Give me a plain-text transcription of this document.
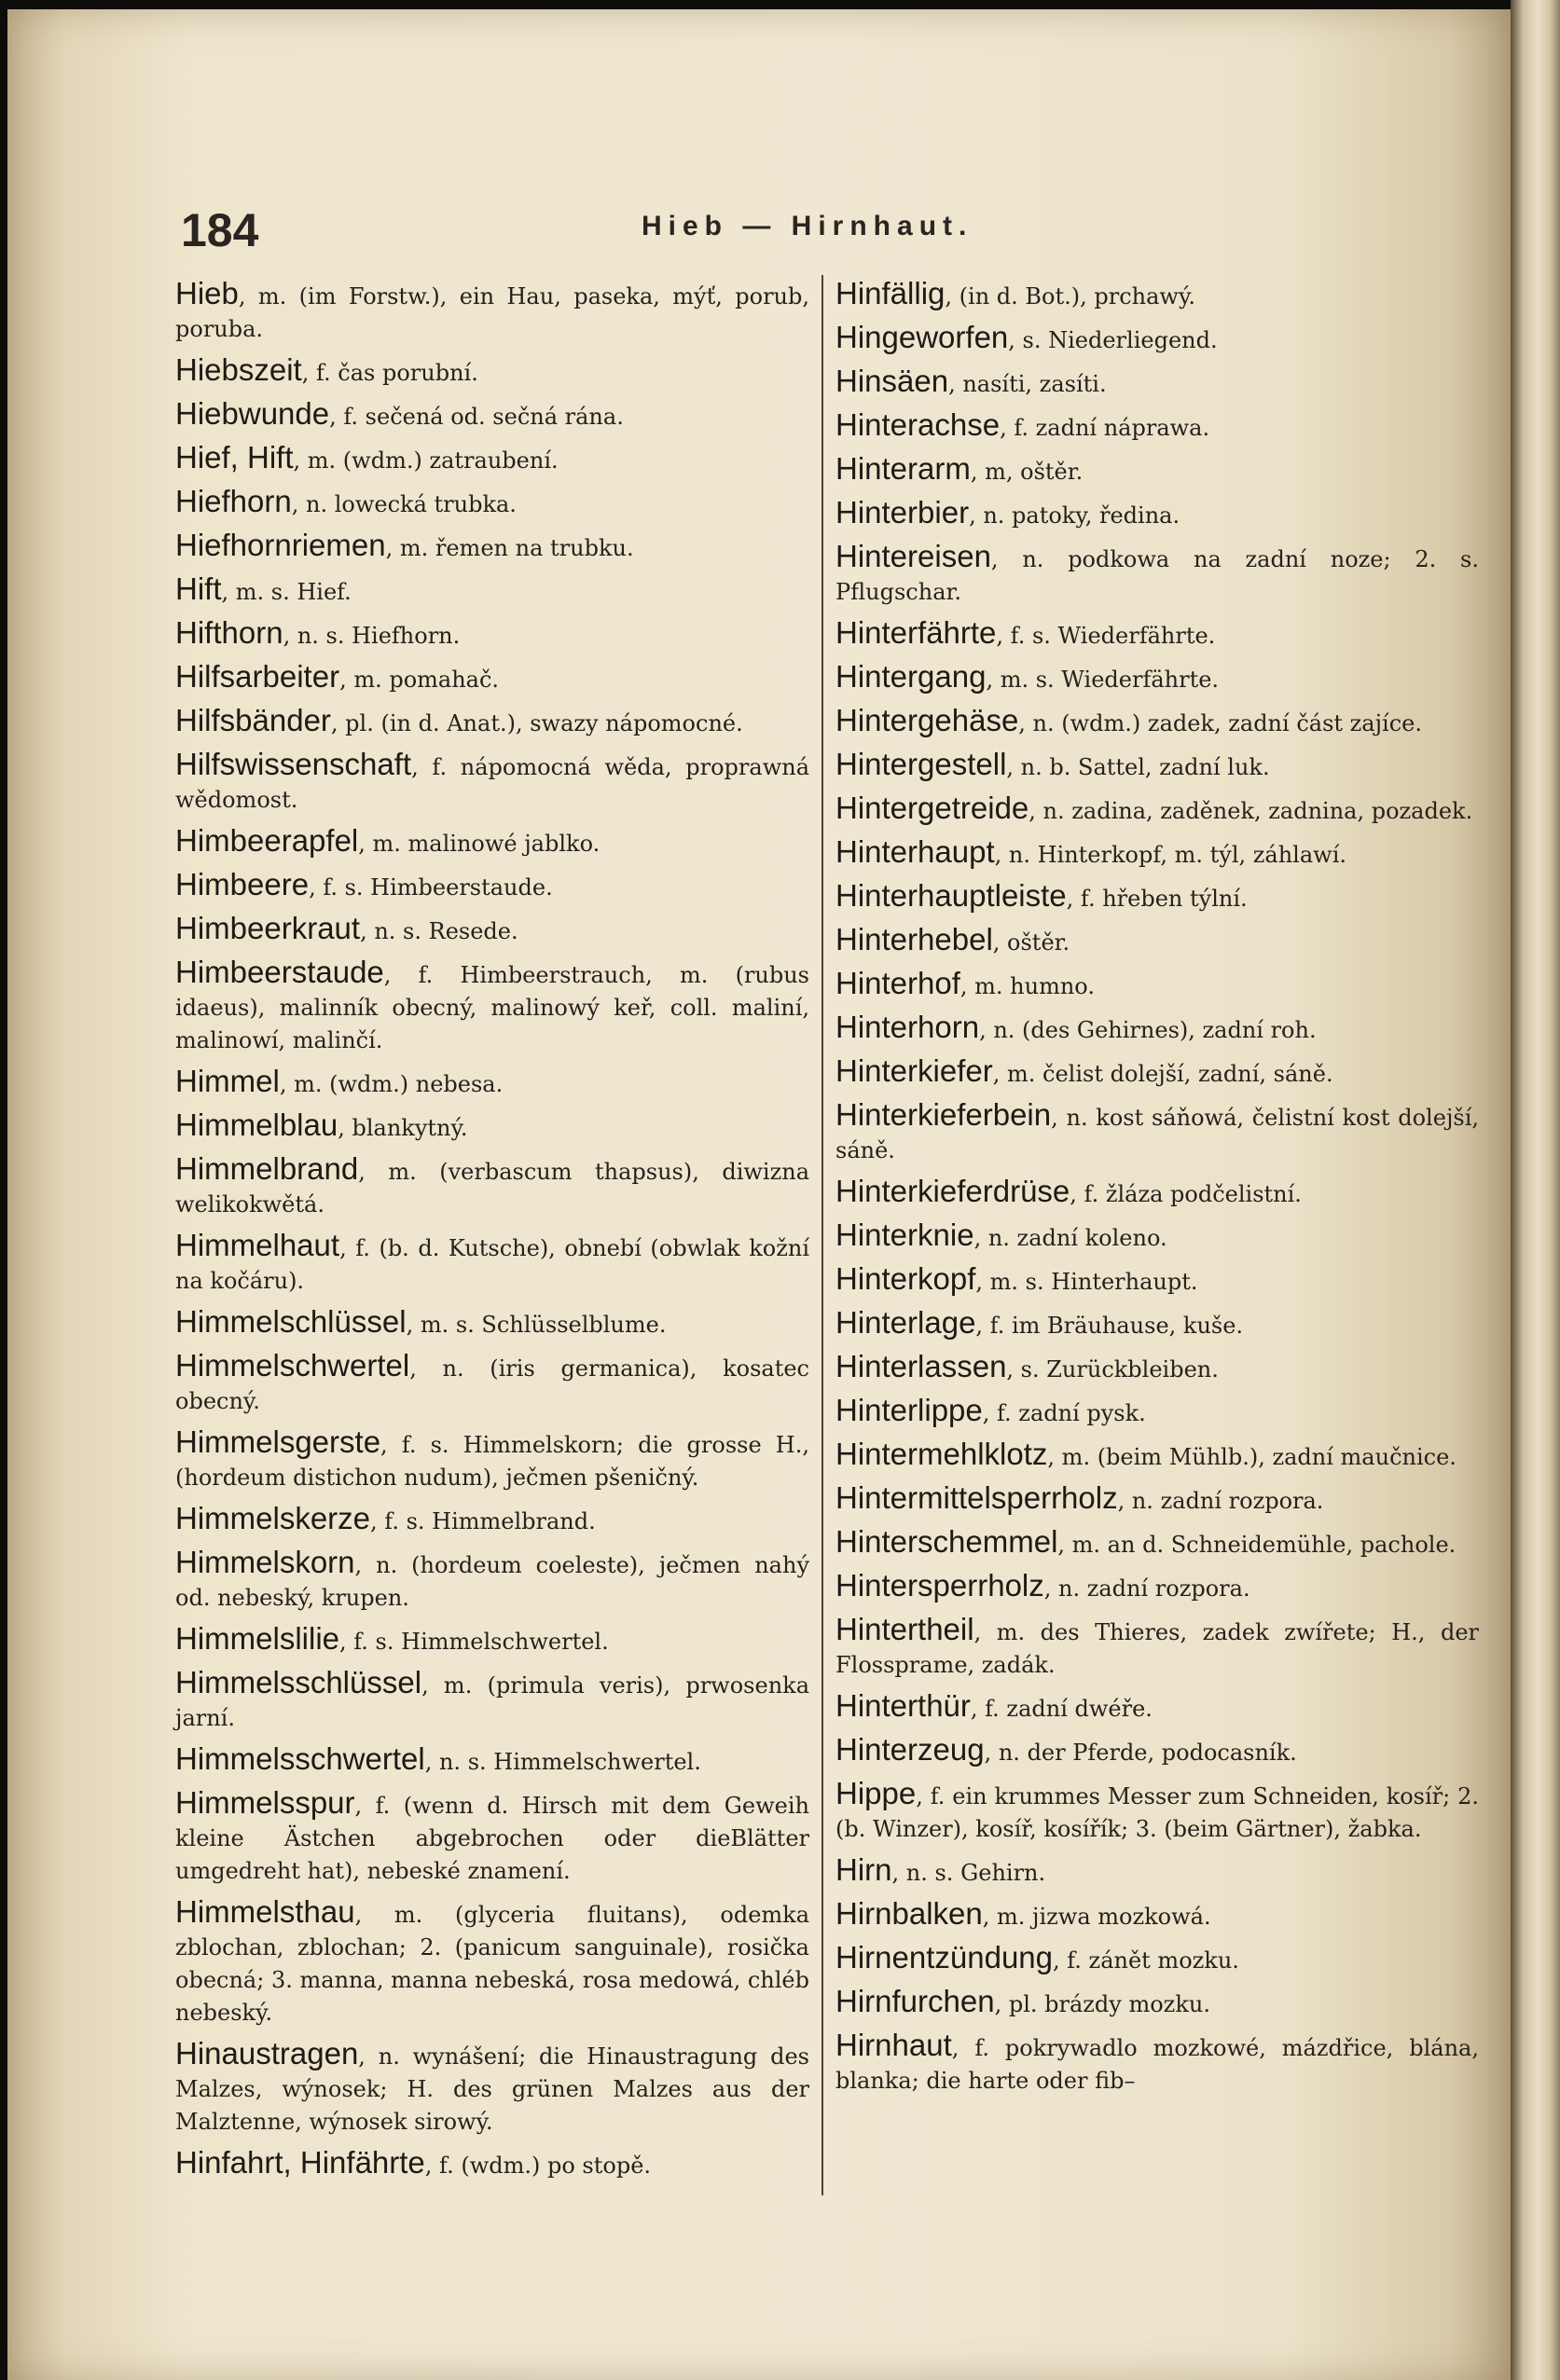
184	Hieb — Hirnhaut.
Hieb, m. (im Forstw.), ein Hau, paseka, mýť, porub, poruba.
Hiebszeit, f. čas porubní.
Hiebwunde, f. sečená od. sečná rána.
Hief, Hift, m. (wdm.) zatraubení.
Hiefhorn, n. lowecká trubka.
Hiefhornriemen, m. řemen na trubku.
Hift, m. s. Hief.
Hifthorn, n. s. Hiefhorn.
Hilfsarbeiter, m. pomahač.
Hilfsbänder, pl. (in d. Anat.), swazy nápomocné.
Hilfswissenschaft, f. nápomocná wěda, proprawná wědomost.
Himbeerapfel, m. malinowé jablko.
Himbeere, f. s. Himbeerstaude.
Himbeerkraut, n. s. Resede.
Himbeerstaude, f. Himbeerstrauch, m. (rubus idaeus), malinník obecný, malinowý keř, coll. maliní, malinowí, malinčí.
Himmel, m. (wdm.) nebesa.
Himmelblau, blankytný.
Himmelbrand, m. (verbascum thapsus), diwizna welikokwětá.
Himmelhaut, f. (b. d. Kutsche), obnebí (obwlak kožní na kočáru).
Himmelschlüssel, m. s. Schlüsselblume.
Himmelschwertel, n. (iris germanica), kosatec obecný.
Himmelsgerste, f. s. Himmelskorn; die grosse H., (hordeum distichon nudum), ječmen pšeničný.
Himmelskerze, f. s. Himmelbrand.
Himmelskorn, n. (hordeum coeleste), ječmen nahý od. nebeský, krupen.
Himmelslilie, f. s. Himmelschwertel.
Himmelsschlüssel, m. (primula veris), prwosenka jarní.
Himmelsschwertel, n. s. Himmelschwertel.
Himmelsspur, f. (wenn d. Hirsch mit dem Geweih kleine Ästchen abgebrochen oder dieBlätter umgedreht hat), nebeské znamení.
Himmelsthau, m. (glyceria fluitans), odemka zblochan, zblochan; 2. (panicum sanguinale), rosička obecná; 3. manna, manna nebeská, rosa medowá, chléb nebeský.
Hinaustragen, n. wynášení; die Hinaustragung des Malzes, wýnosek; H. des grünen Malzes aus der Malztenne, wýnosek sirowý.
Hinfahrt, Hinfährte, f. (wdm.) po stopě.
Hinfällig, (in d. Bot.), prchawý.
Hingeworfen, s. Niederliegend.
Hinsäen, nasíti, zasíti.
Hinterachse, f. zadní náprawa.
Hinterarm, m, oštěr.
Hinterbier, n. patoky, ředina.
Hintereisen, n. podkowa na zadní noze; 2. s. Pflugschar.
Hinterfährte, f. s. Wiederfährte.
Hintergang, m. s. Wiederfährte.
Hintergehäse, n. (wdm.) zadek, zadní část zajíce.
Hintergestell, n. b. Sattel, zadní luk.
Hintergetreide, n. zadina, zaděnek, zadnina, pozadek.
Hinterhaupt, n. Hinterkopf, m. týl, záhlawí.
Hinterhauptleiste, f. hřeben týlní.
Hinterhebel, oštěr.
Hinterhof, m. humno.
Hinterhorn, n. (des Gehirnes), zadní roh.
Hinterkiefer, m. čelist dolejší, zadní, sáně.
Hinterkieferbein, n. kost sáňowá, čelistní kost dolejší, sáně.
Hinterkieferdrüse, f. žláza podčelistní.
Hinterknie, n. zadní koleno.
Hinterkopf, m. s. Hinterhaupt.
Hinterlage, f. im Bräuhause, kuše.
Hinterlassen, s. Zurückbleiben.
Hinterlippe, f. zadní pysk.
Hintermehlklotz, m. (beim Mühlb.), zadní maučnice.
Hintermittelsperrholz, n. zadní rozpora.
Hinterschemmel, m. an d. Schneidemühle, pachole.
Hintersperrholz, n. zadní rozpora.
Hintertheil, m. des Thieres, zadek zwířete; H., der Flossprame, zadák.
Hinterthür, f. zadní dwéře.
Hinterzeug, n. der Pferde, podocasník.
Hippe, f. ein krummes Messer zum Schneiden, kosíř; 2. (b. Winzer), kosíř, kosířík; 3. (beim Gärtner), žabka.
Hirn, n. s. Gehirn.
Hirnbalken, m. jizwa mozkowá.
Hirnentzündung, f. zánět mozku.
Hirnfurchen, pl. brázdy mozku.
Hirnhaut, f. pokrywadlo mozkowé, mázdřice, blána, blanka; die harte oder fib–
